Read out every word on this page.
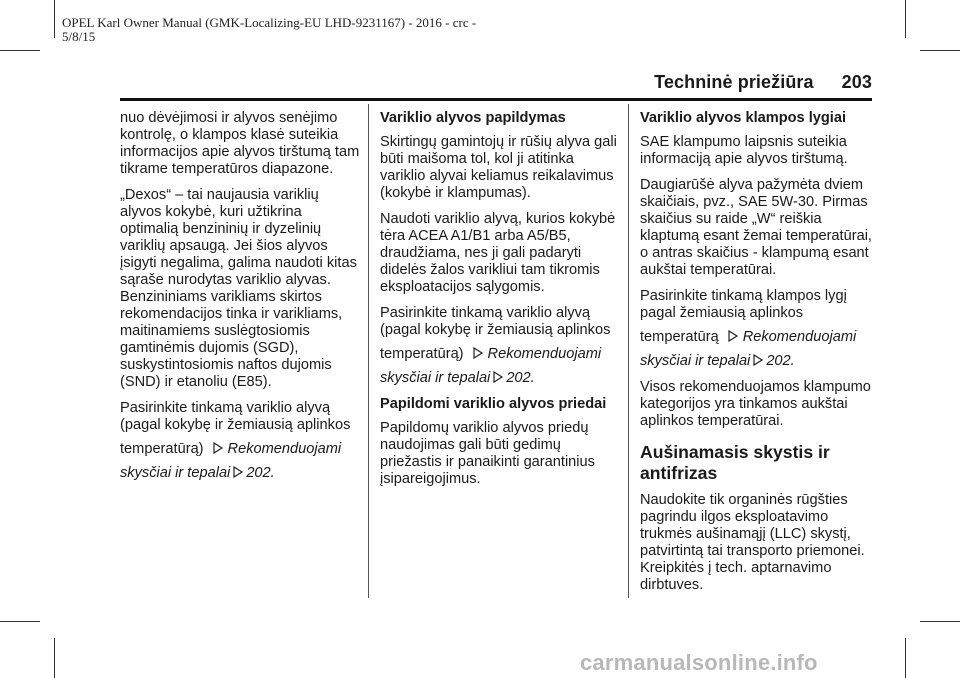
OPEL Karl Owner Manual (GMK-Localizing-EU LHD-9231167) - 2016 - crc -
5/8/15
Techninė priežiūra 203

nuo dėvėjimosi ir alyvos senėjimo kontrolę, o klampos klasė suteikia informacijos apie alyvos tirštumą tam tikrame temperatūros diapazone.

„Dexos“ – tai naujausia variklių alyvos kokybė, kuri užtikrina optimalią benzininių ir dyzelinių variklių apsaugą. Jei šios alyvos įsigyti negalima, galima naudoti kitas sąraše nurodytas variklio alyvas. Benzininiams varikliams skirtos rekomendacijos tinka ir varikliams, maitinamiems suslėgtosiomis gamtinėmis dujomis (SGD), suskystintosiomis naftos dujomis (SND) ir etanoliu (E85).

Pasirinkite tinkamą variklio alyvą (pagal kokybę ir žemiausią aplinkos
temperatūrą) Rekomenduojami
skysčiai ir tepalai 202.

Variklio alyvos papildymas

Skirtingų gamintojų ir rūšių alyva gali būti maišoma tol, kol ji atitinka variklio alyvai keliamus reikalavimus (kokybė ir klampumas).

Naudoti variklio alyvą, kurios kokybė tėra ACEA A1/B1 arba A5/B5, draudžiama, nes ji gali padaryti didelės žalos varikliui tam tikromis eksploatacijos sąlygomis.

Pasirinkite tinkamą variklio alyvą (pagal kokybę ir žemiausią aplinkos
temperatūrą) Rekomenduojami
skysčiai ir tepalai 202.

Papildomi variklio alyvos priedai

Papildomų variklio alyvos priedų naudojimas gali būti gedimų priežastis ir panaikinti garantinius įsipareigojimus.

Variklio alyvos klampos lygiai

SAE klampumo laipsnis suteikia informaciją apie alyvos tirštumą.

Daugiarūšė alyva pažymėta dviem skaičiais, pvz., SAE 5W-30. Pirmas skaičius su raide „W“ reiškia klaptumą esant žemai temperatūrai, o antras skaičius - klampumą esant aukštai temperatūrai.

Pasirinkite tinkamą klampos lygį pagal žemiausią aplinkos
temperatūrą Rekomenduojami
skysčiai ir tepalai 202.

Visos rekomenduojamos klampumo kategorijos yra tinkamos aukštai aplinkos temperatūrai.

Aušinamasis skystis ir
antifrizas

Naudokite tik organinės rūgšties pagrindu ilgos eksploatavimo trukmės aušinamąjį (LLC) skystį, patvirtintą tai transporto priemonei. Kreipkitės į tech. aptarnavimo dirbtuves.

carmanualsonline.info
